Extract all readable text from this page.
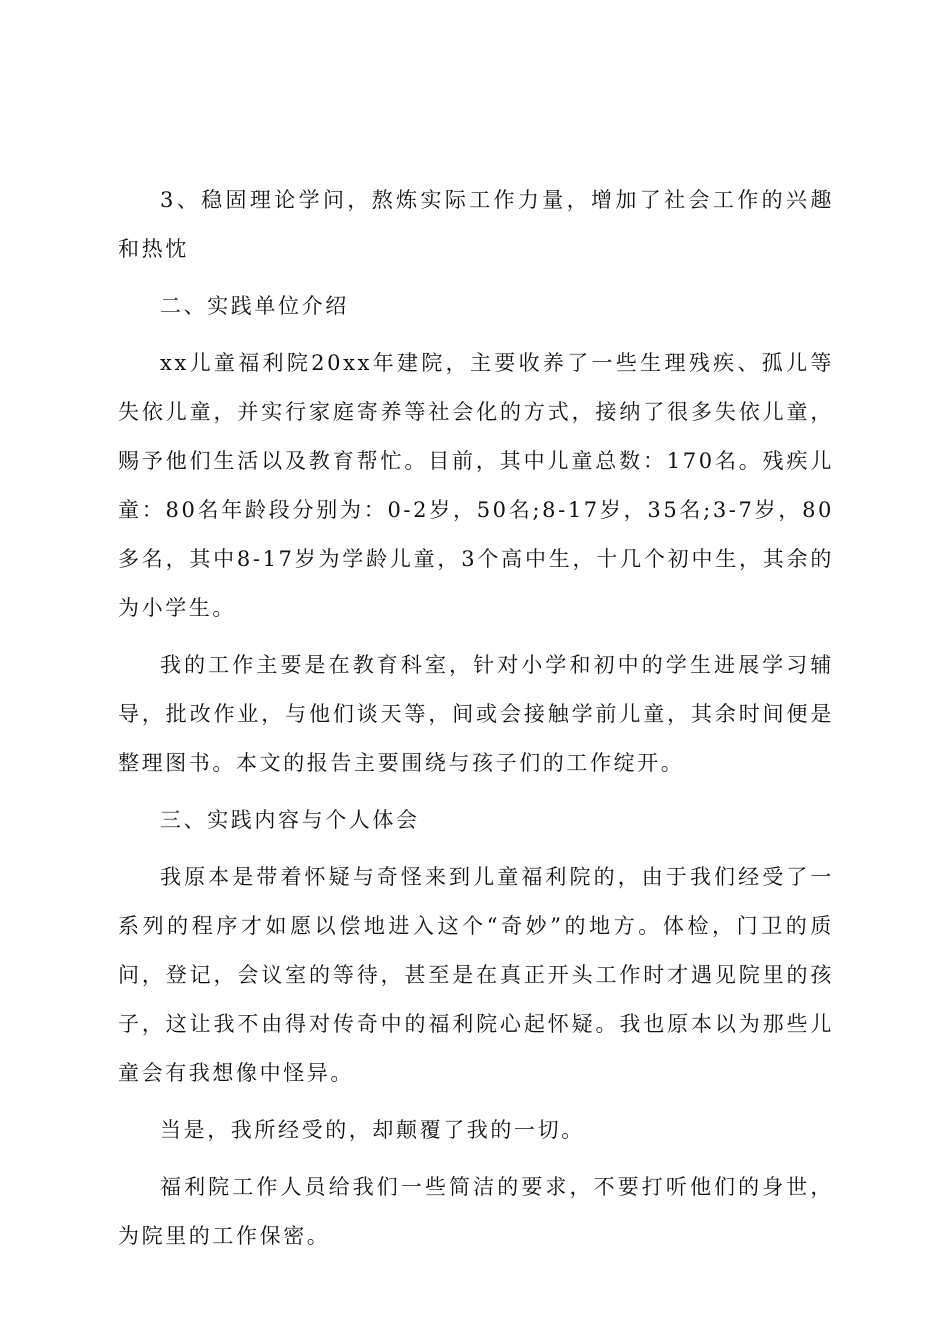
3、稳固理论学问，熬炼实际工作力量，增加了社会工作的兴趣和热忱

二、实践单位介绍

xx儿童福利院20xx年建院，主要收养了一些生理残疾、孤儿等失依儿童，并实行家庭寄养等社会化的方式，接纳了很多失依儿童，赐予他们生活以及教育帮忙。目前，其中儿童总数：170名。残疾儿童：80名年龄段分别为：0-2岁，50名;8-17岁，35名;3-7岁，80多名，其中8-17岁为学龄儿童，3个高中生，十几个初中生，其余的为小学生。

我的工作主要是在教育科室，针对小学和初中的学生进展学习辅导，批改作业，与他们谈天等，间或会接触学前儿童，其余时间便是整理图书。本文的报告主要围绕与孩子们的工作绽开。

三、实践内容与个人体会

我原本是带着怀疑与奇怪来到儿童福利院的，由于我们经受了一系列的程序才如愿以偿地进入这个“奇妙”的地方。体检，门卫的质问，登记，会议室的等待，甚至是在真正开头工作时才遇见院里的孩子，这让我不由得对传奇中的福利院心起怀疑。我也原本以为那些儿童会有我想像中怪异。

当是，我所经受的，却颠覆了我的一切。

福利院工作人员给我们一些简洁的要求，不要打听他们的身世，为院里的工作保密。
